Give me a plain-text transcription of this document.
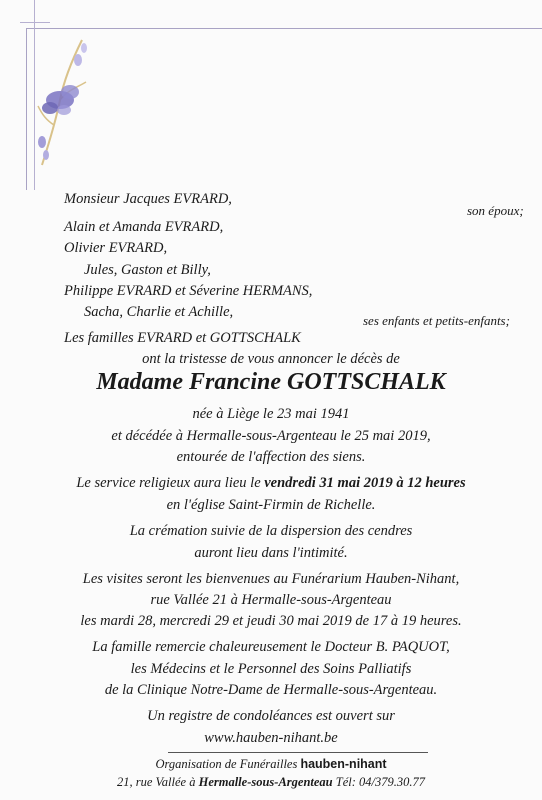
Monsieur Jacques EVRARD,
son époux;
Alain et Amanda EVRARD,
Olivier EVRARD,
Jules, Gaston et Billy,
Philippe EVRARD et Séverine HERMANS,
Sacha, Charlie et Achille,
ses enfants et petits-enfants;
Les familles EVRARD et GOTTSCHALK
ont la tristesse de vous annoncer le décès de
Madame Francine GOTTSCHALK
née à Liège le 23 mai 1941
et décédée à Hermalle-sous-Argenteau le 25 mai 2019,
entourée de l'affection des siens.
Le service religieux aura lieu le vendredi 31 mai 2019 à 12 heures
en l'église Saint-Firmin de Richelle.
La crémation suivie de la dispersion des cendres
auront lieu dans l'intimité.
Les visites seront les bienvenues au Funérarium Hauben-Nihant,
rue Vallée 21 à Hermalle-sous-Argenteau
les mardi 28, mercredi 29 et jeudi 30 mai 2019 de 17 à 19 heures.
La famille remercie chaleureusement le Docteur B. PAQUOT,
les Médecins et le Personnel des Soins Palliatifs
de la Clinique Notre-Dame de Hermalle-sous-Argenteau.
Un registre de condoléances est ouvert sur
www.hauben-nihant.be
Organisation de Funérailles hauben-nihant
21, rue Vallée à Hermalle-sous-Argenteau Tél: 04/379.30.77
